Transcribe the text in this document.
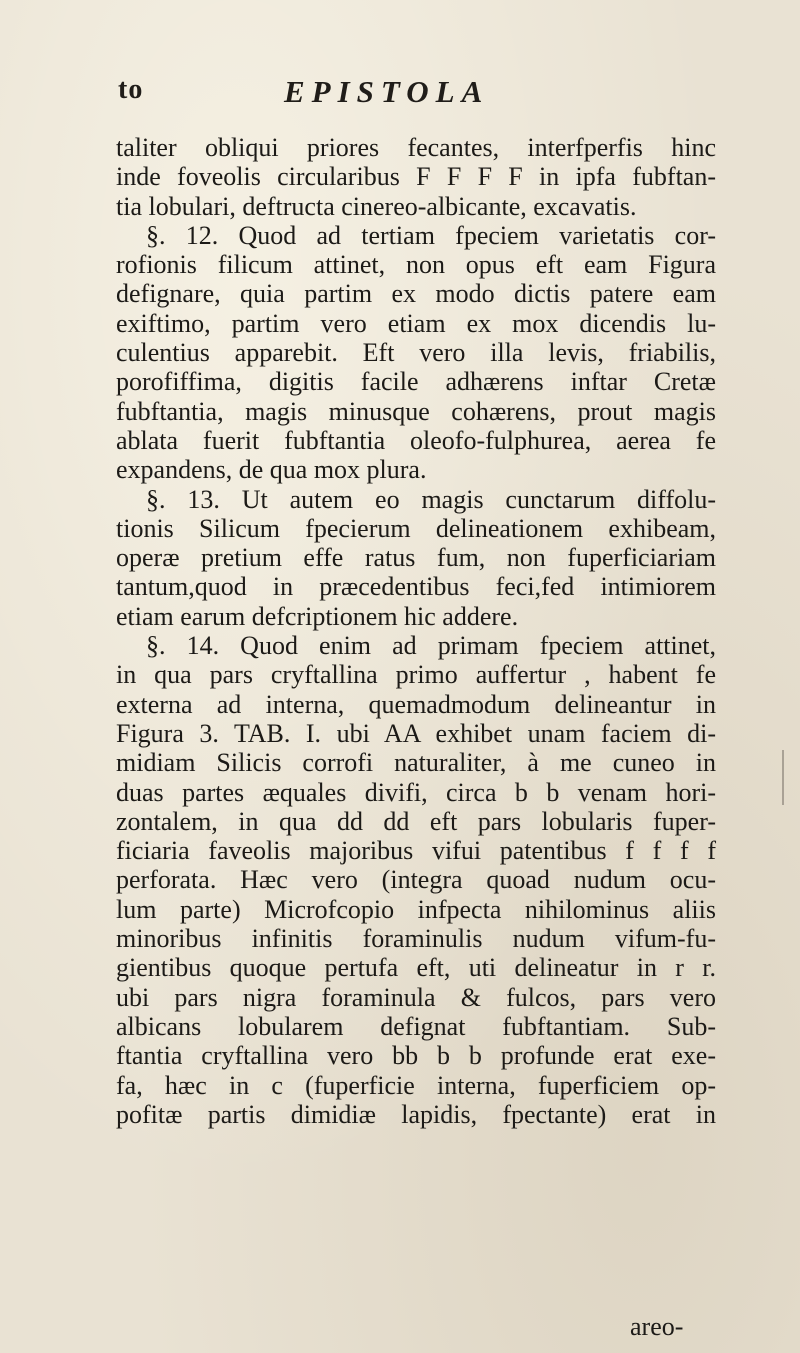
to	EPISTOLA
taliter obliqui priores fecantes, interfperfis hinc
inde foveolis circularibus F F F F in ipfa fubftan-
tia lobulari, deftructa cinereo-albicante, excavatis.
§. 12. Quod ad tertiam fpeciem varietatis cor-
rofionis filicum attinet, non opus eft eam Figura
defignare, quia partim ex modo dictis patere eam
exiftimo, partim vero etiam ex mox dicendis lu-
culentius apparebit. Eft vero illa levis, friabilis,
porofiffima, digitis facile adhærens inftar Cretæ
fubftantia, magis minusque cohærens, prout magis
ablata fuerit fubftantia oleofo-fulphurea, aerea fe
expandens, de qua mox plura.
§. 13. Ut autem eo magis cunctarum diffolu-
tionis Silicum fpecierum delineationem exhibeam,
operæ pretium effe ratus fum, non fuperficiariam
tantum,quod in præcedentibus feci,fed intimiorem
etiam earum defcriptionem hic addere.
§. 14. Quod enim ad primam fpeciem attinet,
in qua pars cryftallina primo auffertur , habent fe
externa ad interna, quemadmodum delineantur in
Figura 3. TAB. I. ubi AA exhibet unam faciem di-
midiam Silicis corrofi naturaliter, à me cuneo in
duas partes æquales divifi, circa b b venam hori-
zontalem, in qua dd dd eft pars lobularis fuper-
ficiaria faveolis majoribus vifui patentibus f f f f
perforata. Hæc vero (integra quoad nudum ocu-
lum parte) Microfcopio infpecta nihilominus aliis
minoribus infinitis foraminulis nudum vifum-fu-
gientibus quoque pertufa eft, uti delineatur in r r.
ubi pars nigra foraminula & fulcos, pars vero
albicans lobularem defignat fubftantiam. Sub-
ftantia cryftallina vero bb b b profunde erat exe-
fa, hæc in c (fuperficie interna, fuperficiem op-
pofitæ partis dimidiæ lapidis, fpectante) erat in
areo-
